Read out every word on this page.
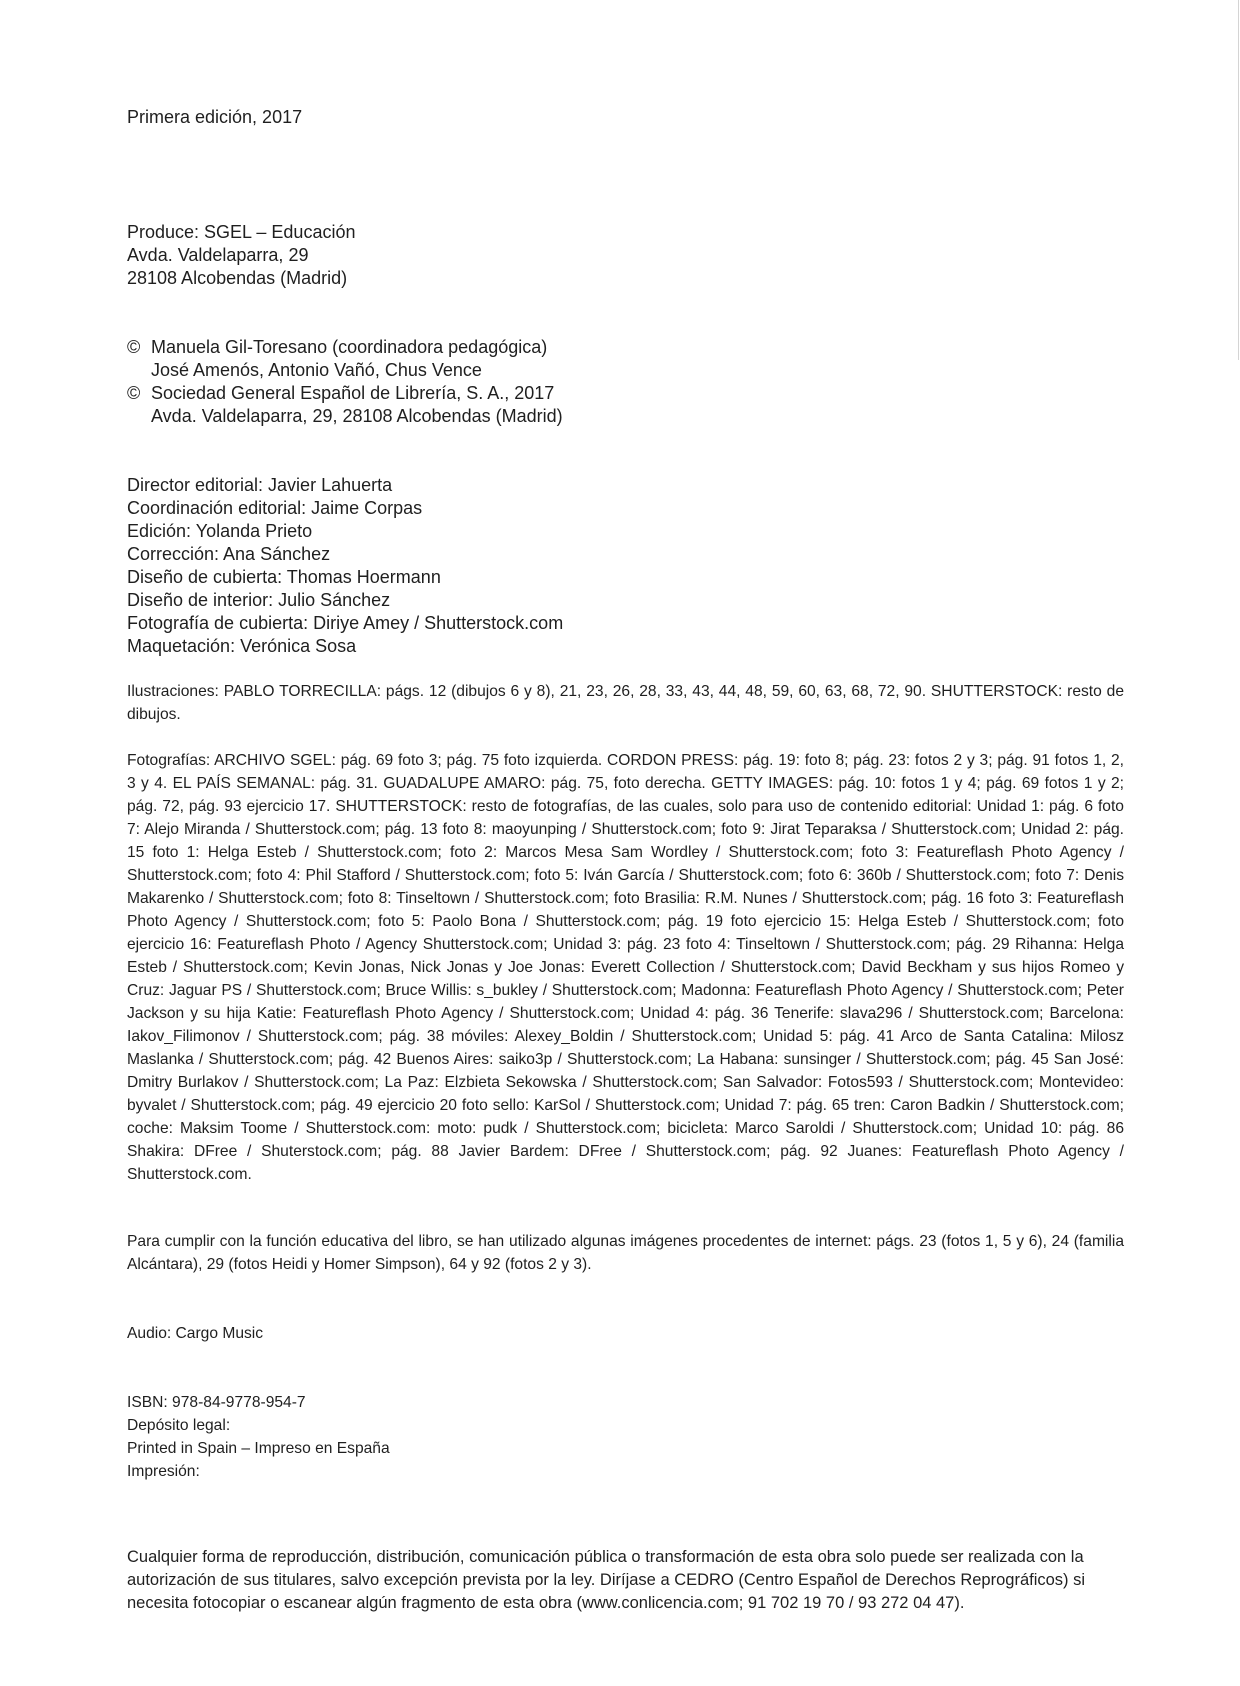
Primera edición, 2017

Produce: SGEL – Educación
Avda. Valdelaparra, 29
28108 Alcobendas (Madrid)
© Manuela Gil-Toresano (coordinadora pedagógica)
José Amenós, Antonio Vañó, Chus Vence
© Sociedad General Español de Librería, S. A., 2017
Avda. Valdelaparra, 29, 28108 Alcobendas (Madrid)
Director editorial: Javier Lahuerta
Coordinación editorial: Jaime Corpas
Edición: Yolanda Prieto
Corrección: Ana Sánchez
Diseño de cubierta: Thomas Hoermann
Diseño de interior: Julio Sánchez
Fotografía de cubierta: Diriye Amey / Shutterstock.com
Maquetación: Verónica Sosa

Ilustraciones: PABLO TORRECILLA: págs. 12 (dibujos 6 y 8), 21, 23, 26, 28, 33, 43, 44, 48, 59, 60, 63, 68, 72, 90. SHUTTERSTOCK: resto de dibujos.

Fotografías: ARCHIVO SGEL: pág. 69 foto 3; pág. 75 foto izquierda. CORDON PRESS: pág. 19: foto 8; pág. 23: fotos 2 y 3; pág. 91 fotos 1, 2, 3 y 4. EL PAÍS SEMANAL: pág. 31. GUADALUPE AMARO: pág. 75, foto derecha. GETTY IMAGES: pág. 10: fotos 1 y 4; pág. 69 fotos 1 y 2; pág. 72, pág. 93 ejercicio 17. SHUTTERSTOCK: resto de fotografías, de las cuales, solo para uso de contenido editorial: Unidad 1: pág. 6 foto 7: Alejo Miranda / Shutterstock.com; pág. 13 foto 8: maoyunping / Shutterstock.com; foto 9: Jirat Teparaksa / Shutterstock.com; Unidad 2: pág. 15 foto 1: Helga Esteb / Shutterstock.com; foto 2: Marcos Mesa Sam Wordley / Shutterstock.com; foto 3: Featureflash Photo Agency / Shutterstock.com; foto 4: Phil Stafford / Shutterstock.com; foto 5: Iván García / Shutterstock.com; foto 6: 360b / Shutterstock.com; foto 7: Denis Makarenko / Shutterstock.com; foto 8: Tinseltown / Shutterstock.com; foto Brasilia: R.M. Nunes / Shutterstock.com; pág. 16 foto 3: Featureflash Photo Agency / Shutterstock.com; foto 5: Paolo Bona / Shutterstock.com; pág. 19 foto ejercicio 15: Helga Esteb / Shutterstock.com; foto ejercicio 16: Featureflash Photo / Agency Shutterstock.com; Unidad 3: pág. 23 foto 4: Tinseltown / Shutterstock.com; pág. 29 Rihanna: Helga Esteb / Shutterstock.com; Kevin Jonas, Nick Jonas y Joe Jonas: Everett Collection / Shutterstock.com; David Beckham y sus hijos Romeo y Cruz: Jaguar PS / Shutterstock.com; Bruce Willis: s_bukley / Shutterstock.com; Madonna: Featureflash Photo Agency / Shutterstock.com; Peter Jackson y su hija Katie: Featureflash Photo Agency / Shutterstock.com; Unidad 4: pág. 36 Tenerife: slava296 / Shutterstock.com; Barcelona: Iakov_Filimonov / Shutterstock.com; pág. 38 móviles: Alexey_Boldin / Shutterstock.com; Unidad 5: pág. 41 Arco de Santa Catalina: Milosz Maslanka / Shutterstock.com; pág. 42 Buenos Aires: saiko3p / Shutterstock.com; La Habana: sunsinger / Shutterstock.com; pág. 45 San José: Dmitry Burlakov / Shutterstock.com; La Paz: Elzbieta Sekowska / Shutterstock.com; San Salvador: Fotos593 / Shutterstock.com; Montevideo: byvalet / Shutterstock.com; pág. 49 ejercicio 20 foto sello: KarSol / Shutterstock.com; Unidad 7: pág. 65 tren: Caron Badkin / Shutterstock.com; coche: Maksim Toome / Shutterstock.com: moto: pudk / Shutterstock.com; bicicleta: Marco Saroldi / Shutterstock.com; Unidad 10: pág. 86 Shakira: DFree / Shuterstock.com; pág. 88 Javier Bardem: DFree / Shutterstock.com; pág. 92 Juanes: Featureflash Photo Agency / Shutterstock.com.

Para cumplir con la función educativa del libro, se han utilizado algunas imágenes procedentes de internet: págs. 23 (fotos 1, 5 y 6), 24 (familia Alcántara), 29 (fotos Heidi y Homer Simpson), 64 y 92 (fotos 2 y 3).

Audio: Cargo Music

ISBN: 978-84-9778-954-7
Depósito legal:
Printed in Spain – Impreso en España
Impresión:

Cualquier forma de reproducción, distribución, comunicación pública o transformación de esta obra solo puede ser realizada con la autorización de sus titulares, salvo excepción prevista por la ley. Diríjase a CEDRO (Centro Español de Derechos Reprográficos) si necesita fotocopiar o escanear algún fragmento de esta obra (www.conlicencia.com; 91 702 19 70 / 93 272 04 47).
